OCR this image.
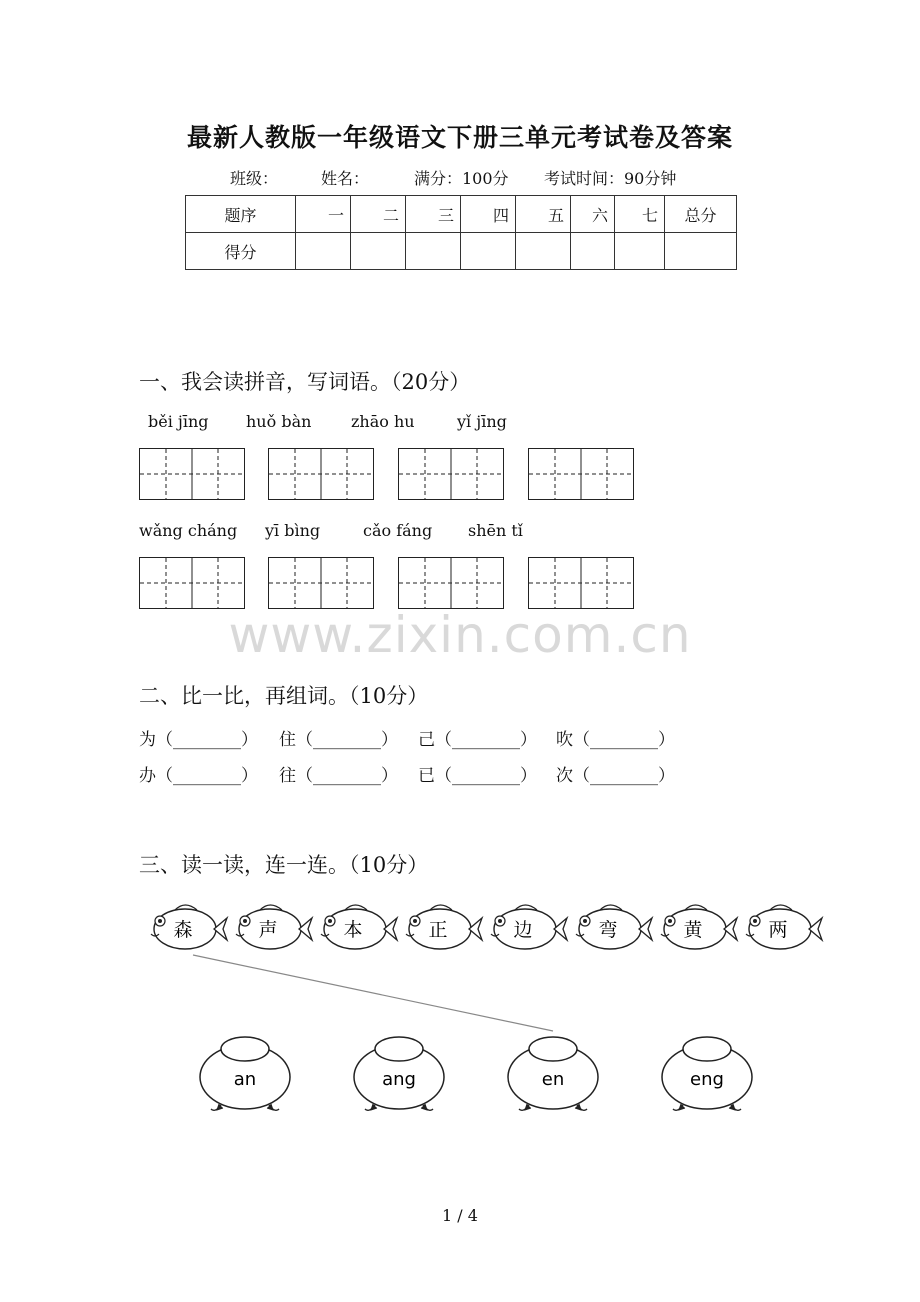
最新人教版一年级语文下册三单元考试卷及答案
班级：	姓名：	满分：100分 考试时间：90分钟
题序	一	二	三	四	五	六	七	总分
得分								
一、我会读拼音，写词语。（20分）
běi jīng huǒ bàn zhāo hu	yǐ jīng
wǎng cháng yī bìng	cǎo fáng shēn tǐ
www.zixin.com.cn
二、比一比，再组词。（10分）
为（________） 住（________） 己（________） 吹（________）
办（________） 往（________） 已（________） 次（________）
三、读一读，连一连。（10分）
森	声	本	正	边	弯	黄	两
an	ang	en	eng
1 / 4
